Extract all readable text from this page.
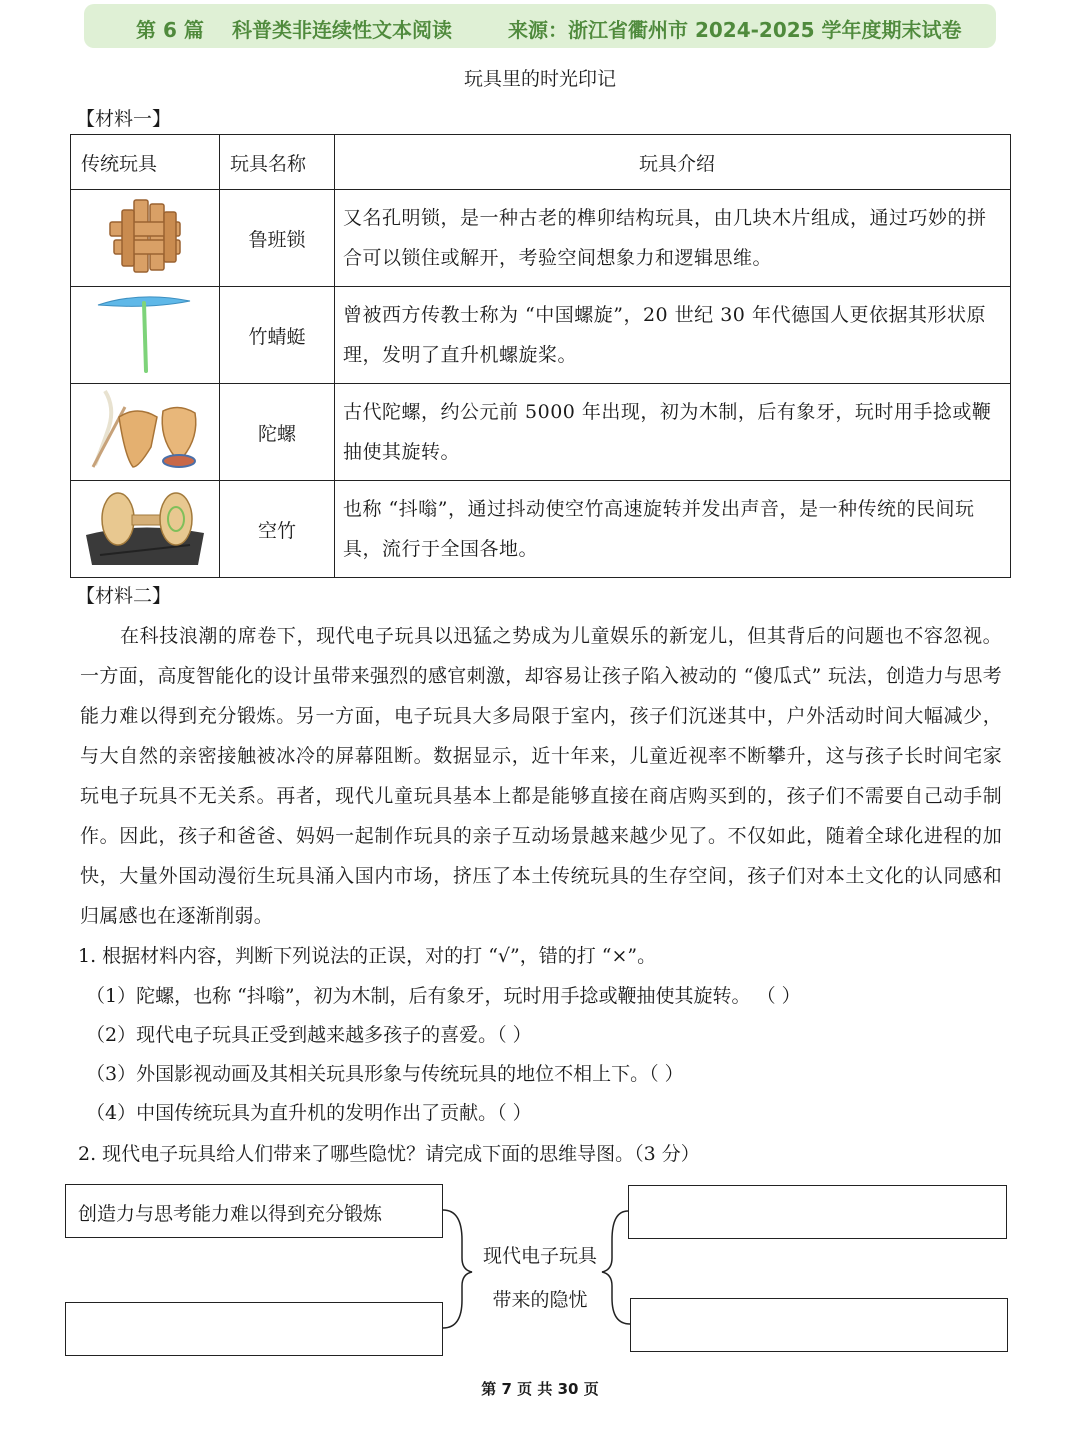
第 6 篇 科普类非连续性文本阅读	来源：浙江省衢州市 2024-2025 学年度期末试卷
玩具里的时光印记
【材料一】
传统玩具	玩具名称	玩具介绍
	鲁班锁	又名孔明锁，是一种古老的榫卯结构玩具，由几块木片组成，通过巧妙的拼合可以锁住或解开，考验空间想象力和逻辑思维。
	竹蜻蜓	曾被西方传教士称为 “中国螺旋”，20 世纪 30 年代德国人更依据其形状原理，发明了直升机螺旋桨。
	陀螺	古代陀螺，约公元前 5000 年出现，初为木制，后有象牙，玩时用手捻或鞭抽使其旋转。
	空竹	也称 “抖嗡”，通过抖动使空竹高速旋转并发出声音，是一种传统的民间玩具，流行于全国各地。
【材料二】
在科技浪潮的席卷下，现代电子玩具以迅猛之势成为儿童娱乐的新宠儿，但其背后的问题也不容忽视。一方面，高度智能化的设计虽带来强烈的感官刺激，却容易让孩子陷入被动的 “傻瓜式” 玩法，创造力与思考能力难以得到充分锻炼。另一方面，电子玩具大多局限于室内，孩子们沉迷其中，户外活动时间大幅减少，与大自然的亲密接触被冰冷的屏幕阻断。数据显示，近十年来，儿童近视率不断攀升，这与孩子长时间宅家玩电子玩具不无关系。再者，现代儿童玩具基本上都是能够直接在商店购买到的，孩子们不需要自己动手制作。因此，孩子和爸爸、妈妈一起制作玩具的亲子互动场景越来越少见了。不仅如此，随着全球化进程的加快，大量外国动漫衍生玩具涌入国内市场，挤压了本土传统玩具的生存空间，孩子们对本土文化的认同感和归属感也在逐渐削弱。
1. 根据材料内容，判断下列说法的正误，对的打 “√”，错的打 “×”。
（1）陀螺，也称 “抖嗡”，初为木制，后有象牙，玩时用手捻或鞭抽使其旋转。 （ ）
（2）现代电子玩具正受到越来越多孩子的喜爱。（ ）
（3）外国影视动画及其相关玩具形象与传统玩具的地位不相上下。（ ）
（4）中国传统玩具为直升机的发明作出了贡献。（ ）
2. 现代电子玩具给人们带来了哪些隐忧？请完成下面的思维导图。（3 分）
创造力与思考能力难以得到充分锻炼
现代电子玩具
带来的隐忧
第 7 页 共 30 页
